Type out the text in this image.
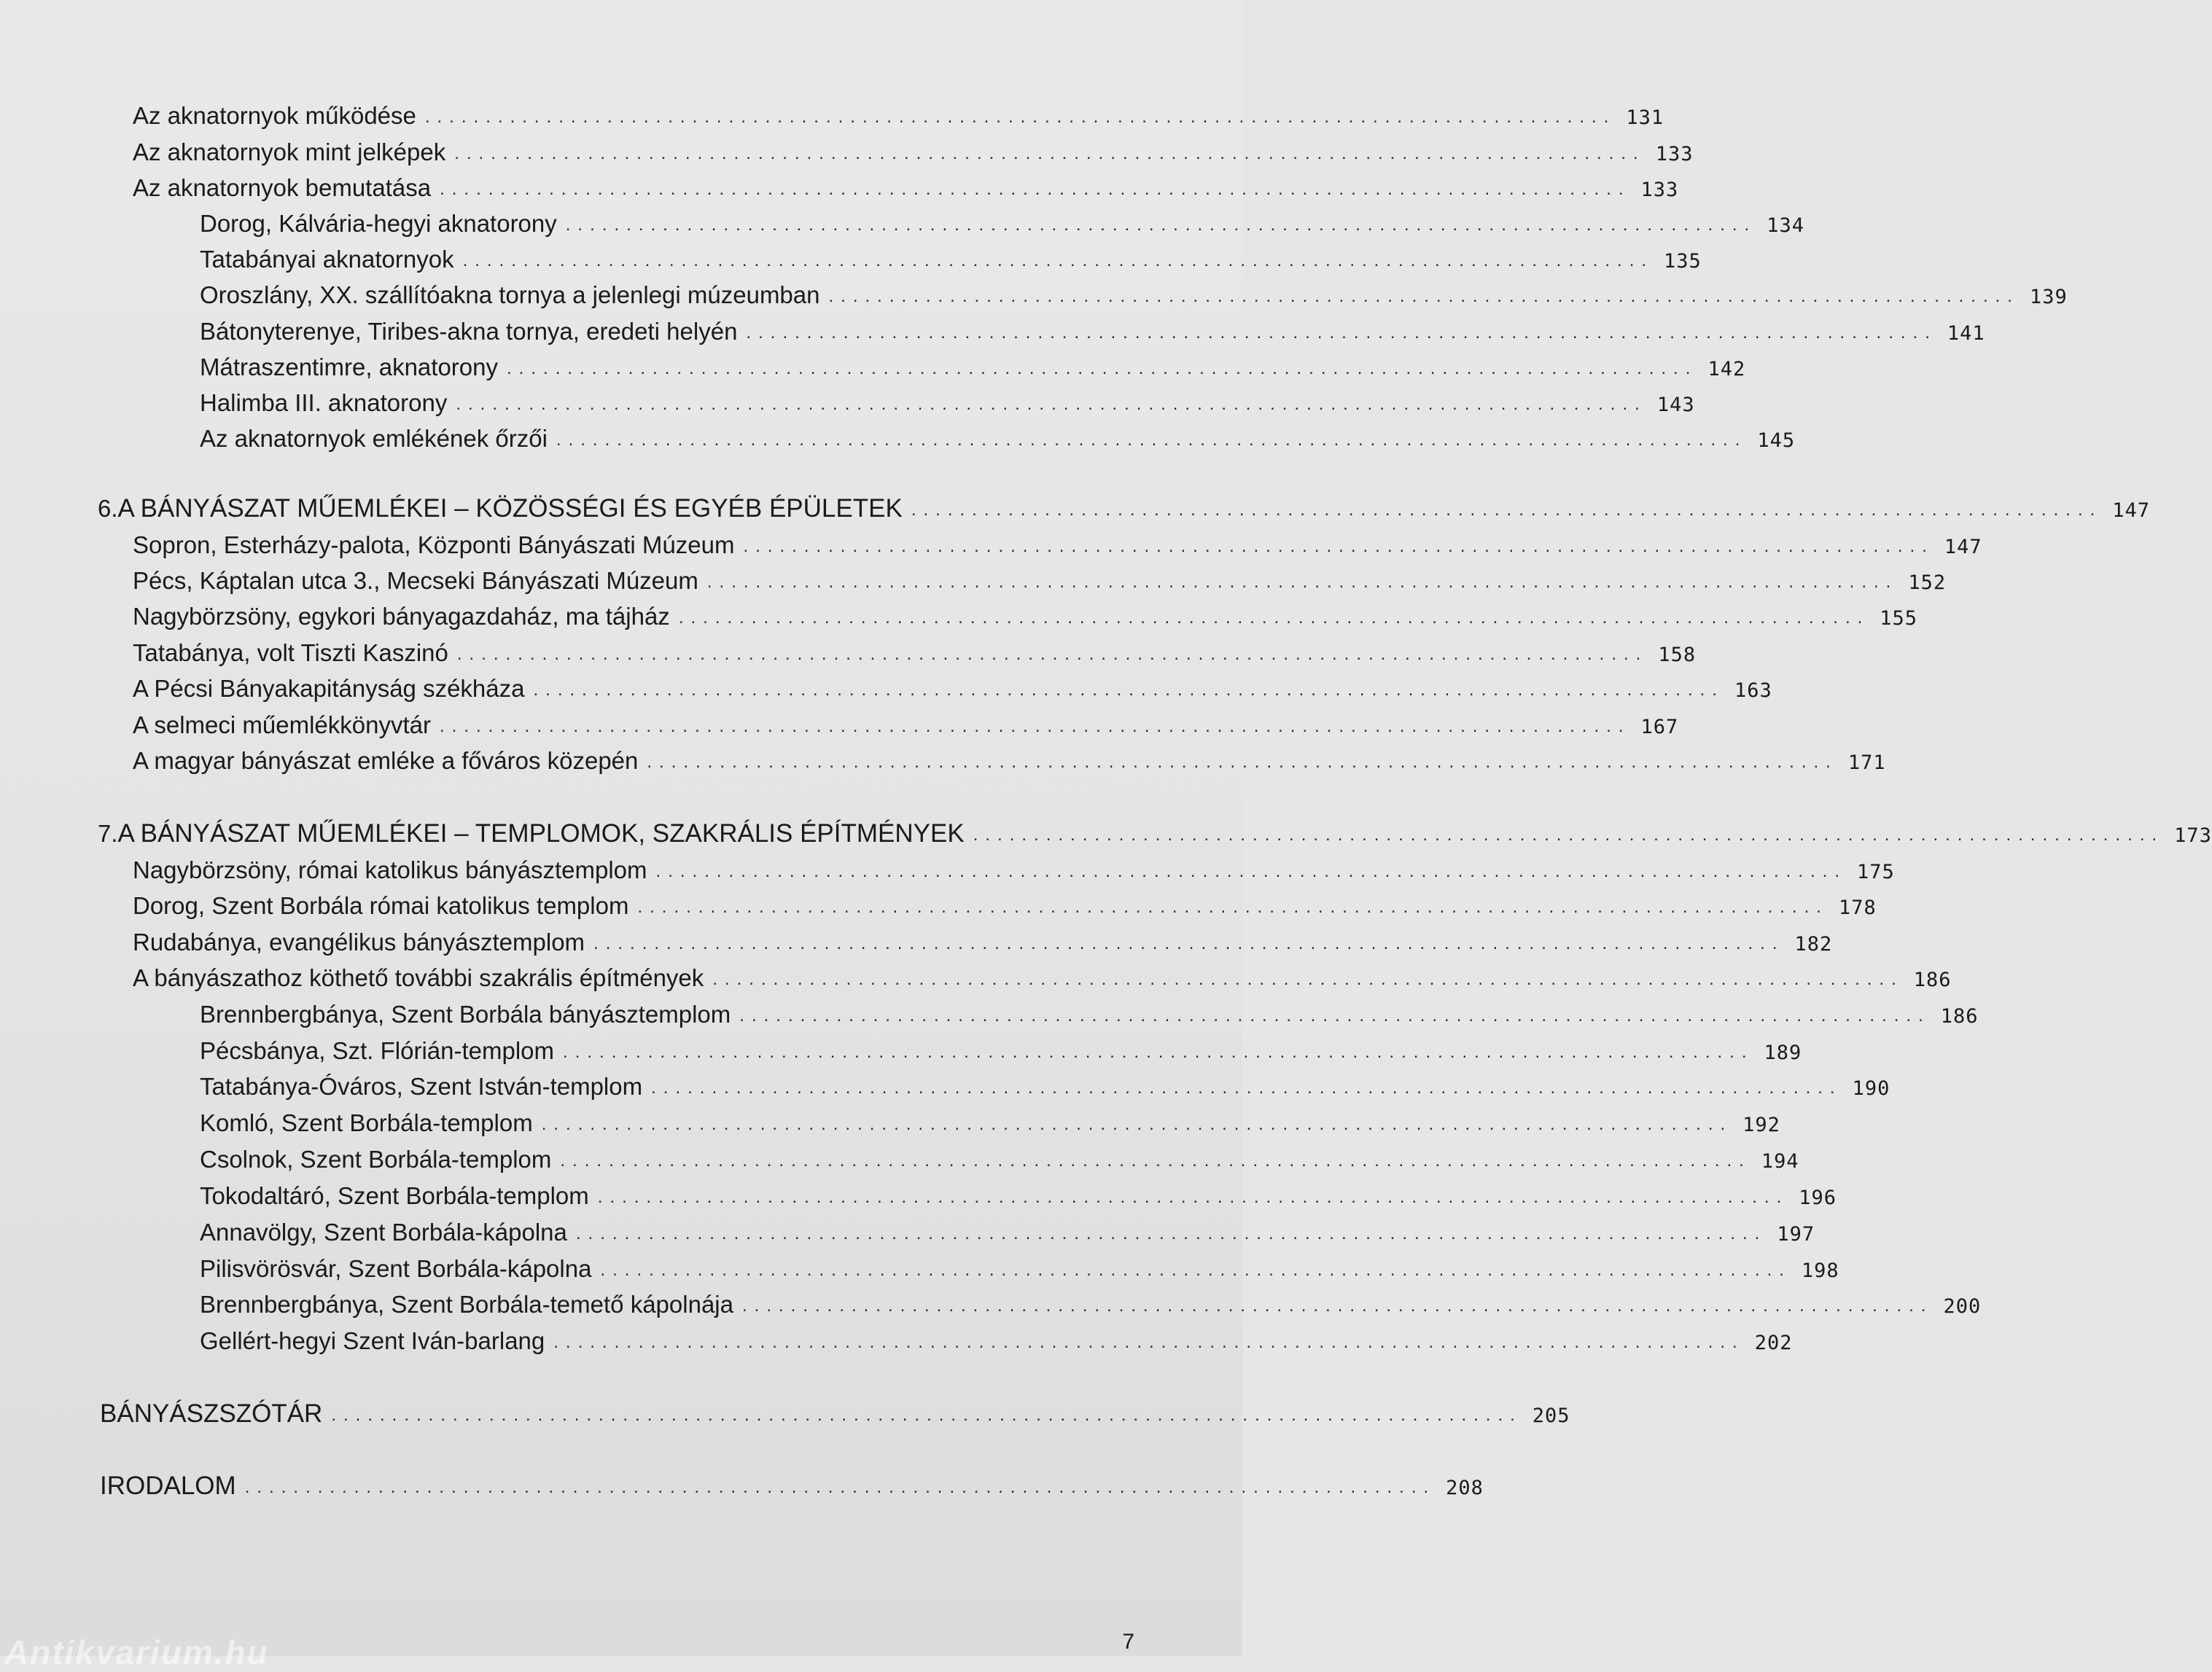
Az aknatornyok működése .................................................................................................. 131
Az aknatornyok mint jelképek .................................................................................................. 133
Az aknatornyok bemutatása .................................................................................................. 133
Dorog, Kálvária-hegyi aknatorony .................................................................................................. 134
Tatabányai aknatornyok .................................................................................................. 135
Oroszlány, XX. szállítóakna tornya a jelenlegi múzeumban .................................................................................................. 139
Bátonyterenye, Tiribes-akna tornya, eredeti helyén .................................................................................................. 141
Mátraszentimre, aknatorony .................................................................................................. 142
Halimba III. aknatorony .................................................................................................. 143
Az aknatornyok emlékének őrzői .................................................................................................. 145
6. A BÁNYÁSZAT MŰEMLÉKEI – KÖZÖSSÉGI ÉS EGYÉB ÉPÜLETEK .................................................................................................. 147
Sopron, Esterházy-palota, Központi Bányászati Múzeum .................................................................................................. 147
Pécs, Káptalan utca 3., Mecseki Bányászati Múzeum .................................................................................................. 152
Nagybörzsöny, egykori bányagazdaház, ma tájház .................................................................................................. 155
Tatabánya, volt Tiszti Kaszinó .................................................................................................. 158
A Pécsi Bányakapitányság székháza .................................................................................................. 163
A selmeci műemlékkönyvtár .................................................................................................. 167
A magyar bányászat emléke a főváros közepén .................................................................................................. 171
7. A BÁNYÁSZAT MŰEMLÉKEI – TEMPLOMOK, SZAKRÁLIS ÉPÍTMÉNYEK .................................................................................................. 173
Nagybörzsöny, római katolikus bányásztemplom .................................................................................................. 175
Dorog, Szent Borbála római katolikus templom .................................................................................................. 178
Rudabánya, evangélikus bányásztemplom .................................................................................................. 182
A bányászathoz köthető további szakrális építmények .................................................................................................. 186
Brennbergbánya, Szent Borbála bányásztemplom .................................................................................................. 186
Pécsbánya, Szt. Flórián-templom .................................................................................................. 189
Tatabánya-Óváros, Szent István-templom .................................................................................................. 190
Komló, Szent Borbála-templom .................................................................................................. 192
Csolnok, Szent Borbála-templom .................................................................................................. 194
Tokodaltáró, Szent Borbála-templom .................................................................................................. 196
Annavölgy, Szent Borbála-kápolna .................................................................................................. 197
Pilisvörösvár, Szent Borbála-kápolna .................................................................................................. 198
Brennbergbánya, Szent Borbála-temető kápolnája .................................................................................................. 200
Gellért-hegyi Szent Iván-barlang .................................................................................................. 202
BÁNYÁSZSZÓTÁR .................................................................................................. 205
IRODALOM .................................................................................................. 208
Antikvarium.hu	7
